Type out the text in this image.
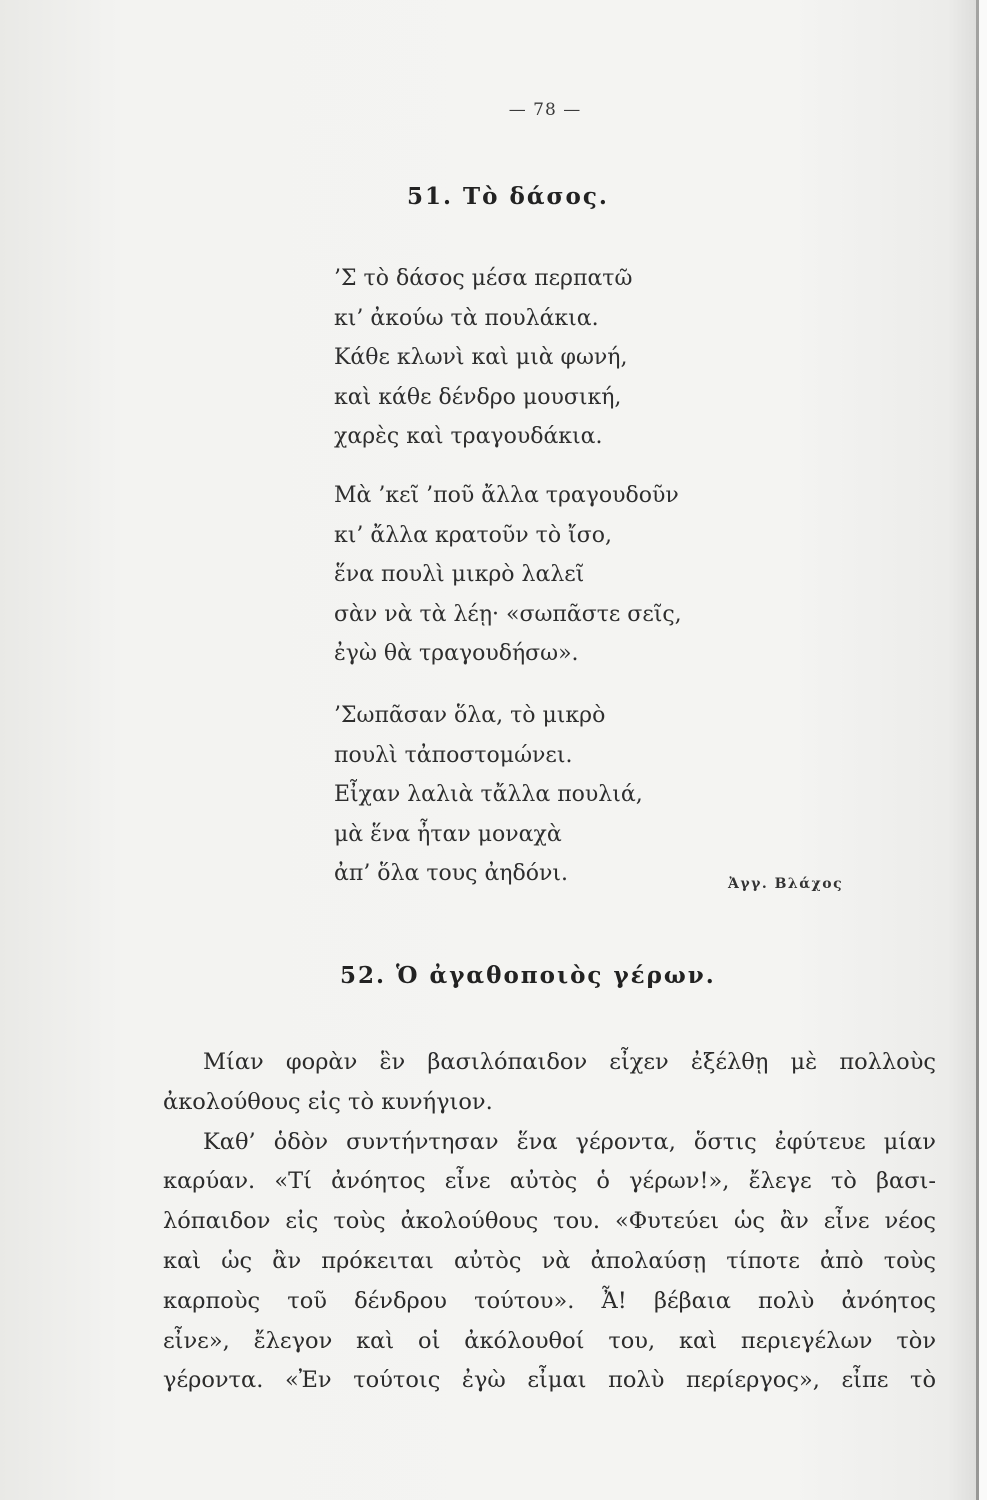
— 78 —
51. Τὸ δάσος.
’Σ τὸ δάσος μέσα περπατῶ
κι’ ἀκούω τὰ πουλάκια.
Κάθε κλωνὶ καὶ μιὰ φωνή,
καὶ κάθε δένδρο μουσική,
χαρὲς καὶ τραγουδάκια.
Μὰ ’κεῖ ’ποῦ ἄλλα τραγουδοῦν
κι’ ἄλλα κρατοῦν τὸ ἴσο,
ἕνα πουλὶ μικρὸ λαλεῖ
σὰν νὰ τὰ λέῃ· «σωπᾶστε σεῖς,
ἐγὼ θὰ τραγουδήσω».
’Σωπᾶσαν ὅλα, τὸ μικρὸ
πουλὶ τἀποστομώνει.
Εἶχαν λαλιὰ τἄλλα πουλιά,
μὰ ἕνα ἦταν μοναχὰ
ἀπ’ ὅλα τους ἀηδόνι.	Ἀγγ. Βλάχος
52. Ὁ ἀγαθοποιὸς γέρων.
Μίαν φορὰν ἓν βασιλόπαιδον εἶχεν ἐξέλθῃ μὲ πολλοὺς
ἀκολούθους εἰς τὸ κυνήγιον.
Καθ’ ὁδὸν συντήντησαν ἕνα γέροντα, ὅστις ἐφύτευε μίαν
καρύαν. «Τί ἀνόητος εἶνε αὐτὸς ὁ γέρων!», ἔλεγε τὸ βασι-
λόπαιδον εἰς τοὺς ἀκολούθους του. «Φυτεύει ὡς ἂν εἶνε νέος
καὶ ὡς ἂν πρόκειται αὐτὸς νὰ ἀπολαύσῃ τίποτε ἀπὸ τοὺς
καρποὺς τοῦ δένδρου τούτου». Ἆ! βέβαια πολὺ ἀνόητος
εἶνε», ἔλεγον καὶ οἱ ἀκόλουθοί του, καὶ περιεγέλων τὸν
γέροντα. «Ἐν τούτοις ἐγὼ εἶμαι πολὺ περίεργος», εἶπε τὸ
